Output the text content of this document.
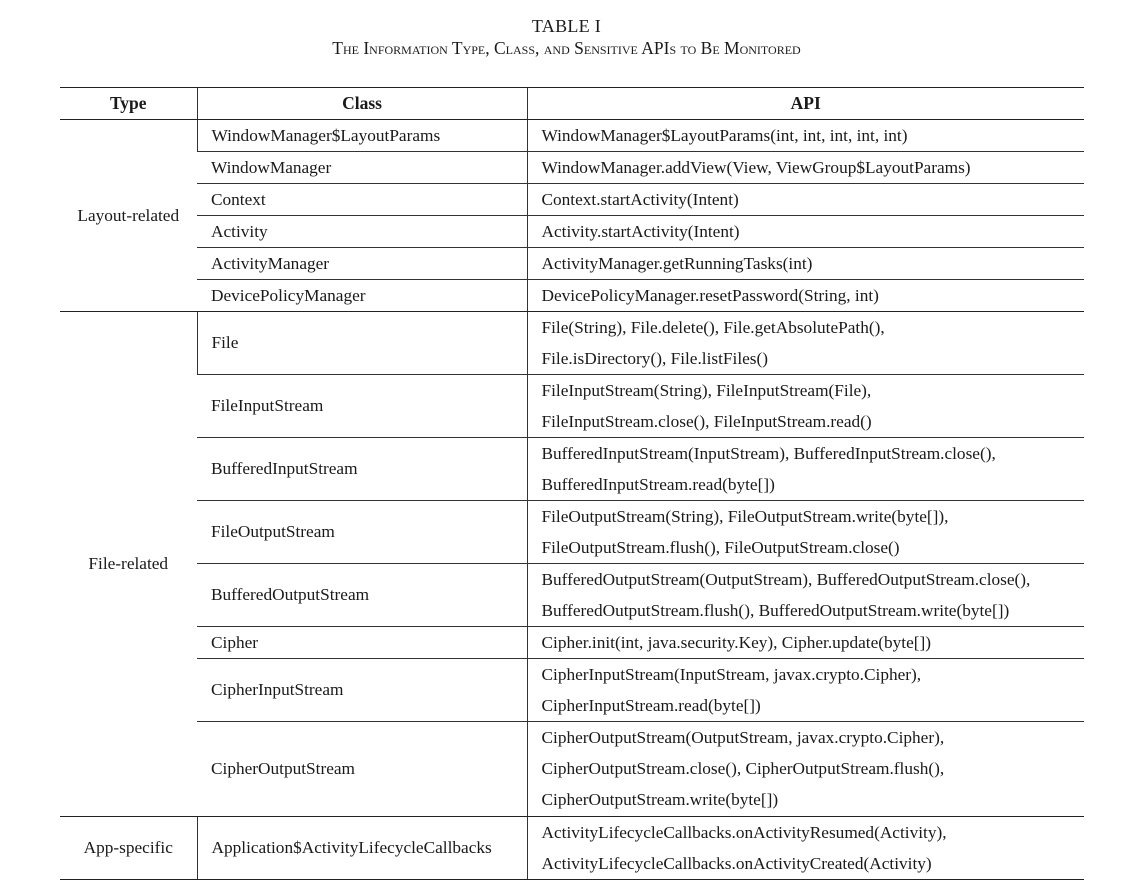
TABLE I
The Information Type, Class, and Sensitive APIs to Be Monitored
Type	Class	API
Layout-related	WindowManager$LayoutParams	WindowManager$LayoutParams(int, int, int, int, int)

	WindowManager	WindowManager.addView(View, ViewGroup$LayoutParams)

	Context	Context.startActivity(Intent)

	Activity	Activity.startActivity(Intent)

	ActivityManager	ActivityManager.getRunningTasks(int)

	DevicePolicyManager	DevicePolicyManager.resetPassword(String, int)

File-related	File	File(String), File.delete(), File.getAbsolutePath(),
File.isDirectory(), File.listFiles()

	FileInputStream	FileInputStream(String), FileInputStream(File),
FileInputStream.close(), FileInputStream.read()

	BufferedInputStream	BufferedInputStream(InputStream), BufferedInputStream.close(),
BufferedInputStream.read(byte[])

	FileOutputStream	FileOutputStream(String), FileOutputStream.write(byte[]),
FileOutputStream.flush(), FileOutputStream.close()

	BufferedOutputStream	BufferedOutputStream(OutputStream), BufferedOutputStream.close(),
BufferedOutputStream.flush(), BufferedOutputStream.write(byte[])

	Cipher	Cipher.init(int, java.security.Key), Cipher.update(byte[])

	CipherInputStream	CipherInputStream(InputStream, javax.crypto.Cipher),
CipherInputStream.read(byte[])

	CipherOutputStream	CipherOutputStream(OutputStream, javax.crypto.Cipher),
CipherOutputStream.close(), CipherOutputStream.flush(),
CipherOutputStream.write(byte[])

App-specific	Application$ActivityLifecycleCallbacks	ActivityLifecycleCallbacks.onActivityResumed(Activity),
ActivityLifecycleCallbacks.onActivityCreated(Activity)
